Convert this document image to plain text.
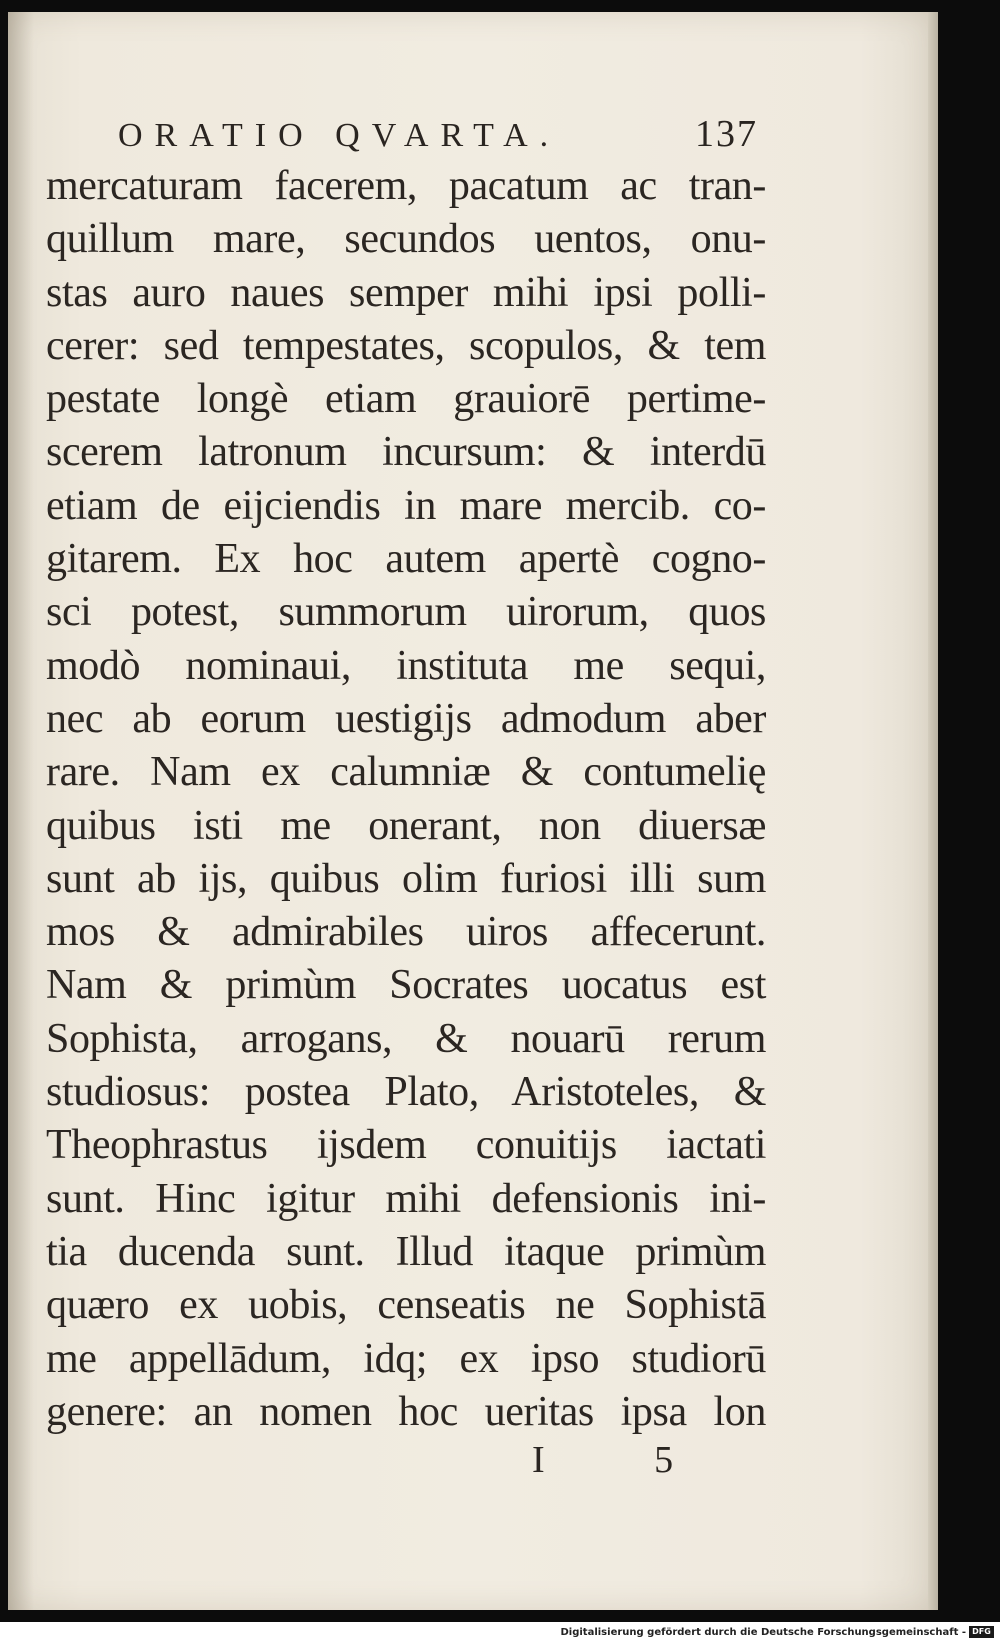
ORATIO QVARTA.	137
mercaturam facerem, pacatum ac tran-
quillum mare, secundos uentos, onu-
stas auro naues semper mihi ipsi polli-
cerer: sed tempestates, scopulos, & tem
pestate longè etiam grauiorē pertime-
scerem latronum incursum: & interdū
etiam de eijciendis in mare mercib. co-
gitarem. Ex hoc autem apertè cogno-
sci potest, summorum uirorum, quos
modò nominaui, instituta me sequi,
nec ab eorum uestigijs admodum aber
rare. Nam ex calumniæ & contumelię
quibus isti me onerant, non diuersæ
sunt ab ijs, quibus olim furiosi illi sum
mos & admirabiles uiros affecerunt.
Nam & primùm Socrates uocatus est
Sophista, arrogans, & nouarū rerum
studiosus: postea Plato, Aristoteles, &
Theophrastus ijsdem conuitijs iactati
sunt. Hinc igitur mihi defensionis ini-
tia ducenda sunt. Illud itaque primùm
quæro ex uobis, censeatis ne Sophistā
me appellādum, idq; ex ipso studiorū
genere: an nomen hoc ueritas ipsa lon
I 5
Digitalisierung gefördert durch die Deutsche Forschungsgemeinschaft - DFG
